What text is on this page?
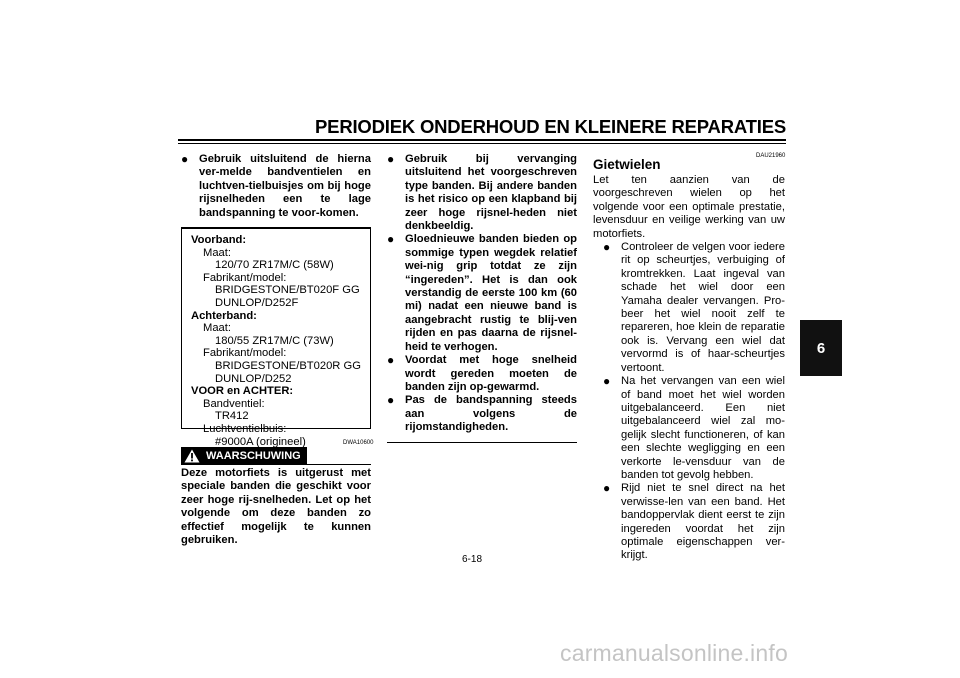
PERIODIEK ONDERHOUD EN KLEINERE REPARATIES
6
● Gebruik uitsluitend de hierna ver-melde bandventielen en luchtven-tielbuisjes om bij hoge rijsnelheden een te lage bandspanning te voor-komen.
Voorband:
Maat:
120/70 ZR17M/C (58W)
Fabrikant/model:
BRIDGESTONE/BT020F GG
DUNLOP/D252F
Achterband:
Maat:
180/55 ZR17M/C (73W)
Fabrikant/model:
BRIDGESTONE/BT020R GG
DUNLOP/D252
VOOR en ACHTER:
Bandventiel:
TR412
Luchtventielbuis:
#9000A (origineel)	DWA10600
WAARSCHUWING
Deze motorfiets is uitgerust met speciale banden die geschikt voor zeer hoge rij-snelheden. Let op het volgende om deze banden zo effectief mogelijk te kunnen gebruiken.
● Gebruik bij vervanging uitsluitend het voorgeschreven type banden. Bij andere banden is het risico op een klapband bij zeer hoge rijsnel-heden niet denkbeeldig.
● Gloednieuwe banden bieden op sommige typen wegdek relatief wei-nig grip totdat ze zijn “ingereden”. Het is dan ook verstandig de eerste 100 km (60 mi) nadat een nieuwe band is aangebracht rustig te blij-ven rijden en pas daarna de rijsnel-heid te verhogen.
● Voordat met hoge snelheid wordt gereden moeten de banden zijn op-gewarmd.
● Pas de bandspanning steeds aan volgens de rijomstandigheden.
DAU21960
Gietwielen
Let ten aanzien van de voorgeschreven wielen op het volgende voor een optimale prestatie, levensduur en veilige werking van uw motorfiets.
● Controleer de velgen voor iedere rit op scheurtjes, verbuiging of kromtrekken. Laat ingeval van schade het wiel door een Yamaha dealer vervangen. Pro-beer het wiel nooit zelf te repareren, hoe klein de reparatie ook is. Vervang een wiel dat vervormd is of haar-scheurtjes vertoont.
● Na het vervangen van een wiel of band moet het wiel worden uitgebalanceerd. Een niet uitgebalanceerd wiel zal mo-gelijk slecht functioneren, of kan een slechte wegligging en een verkorte le-vensduur van de banden tot gevolg hebben.
● Rijd niet te snel direct na het verwisse-len van een band. Het bandoppervlak dient eerst te zijn ingereden voordat het zijn optimale eigenschappen ver-krijgt.
6-18
carmanualsonline.info
